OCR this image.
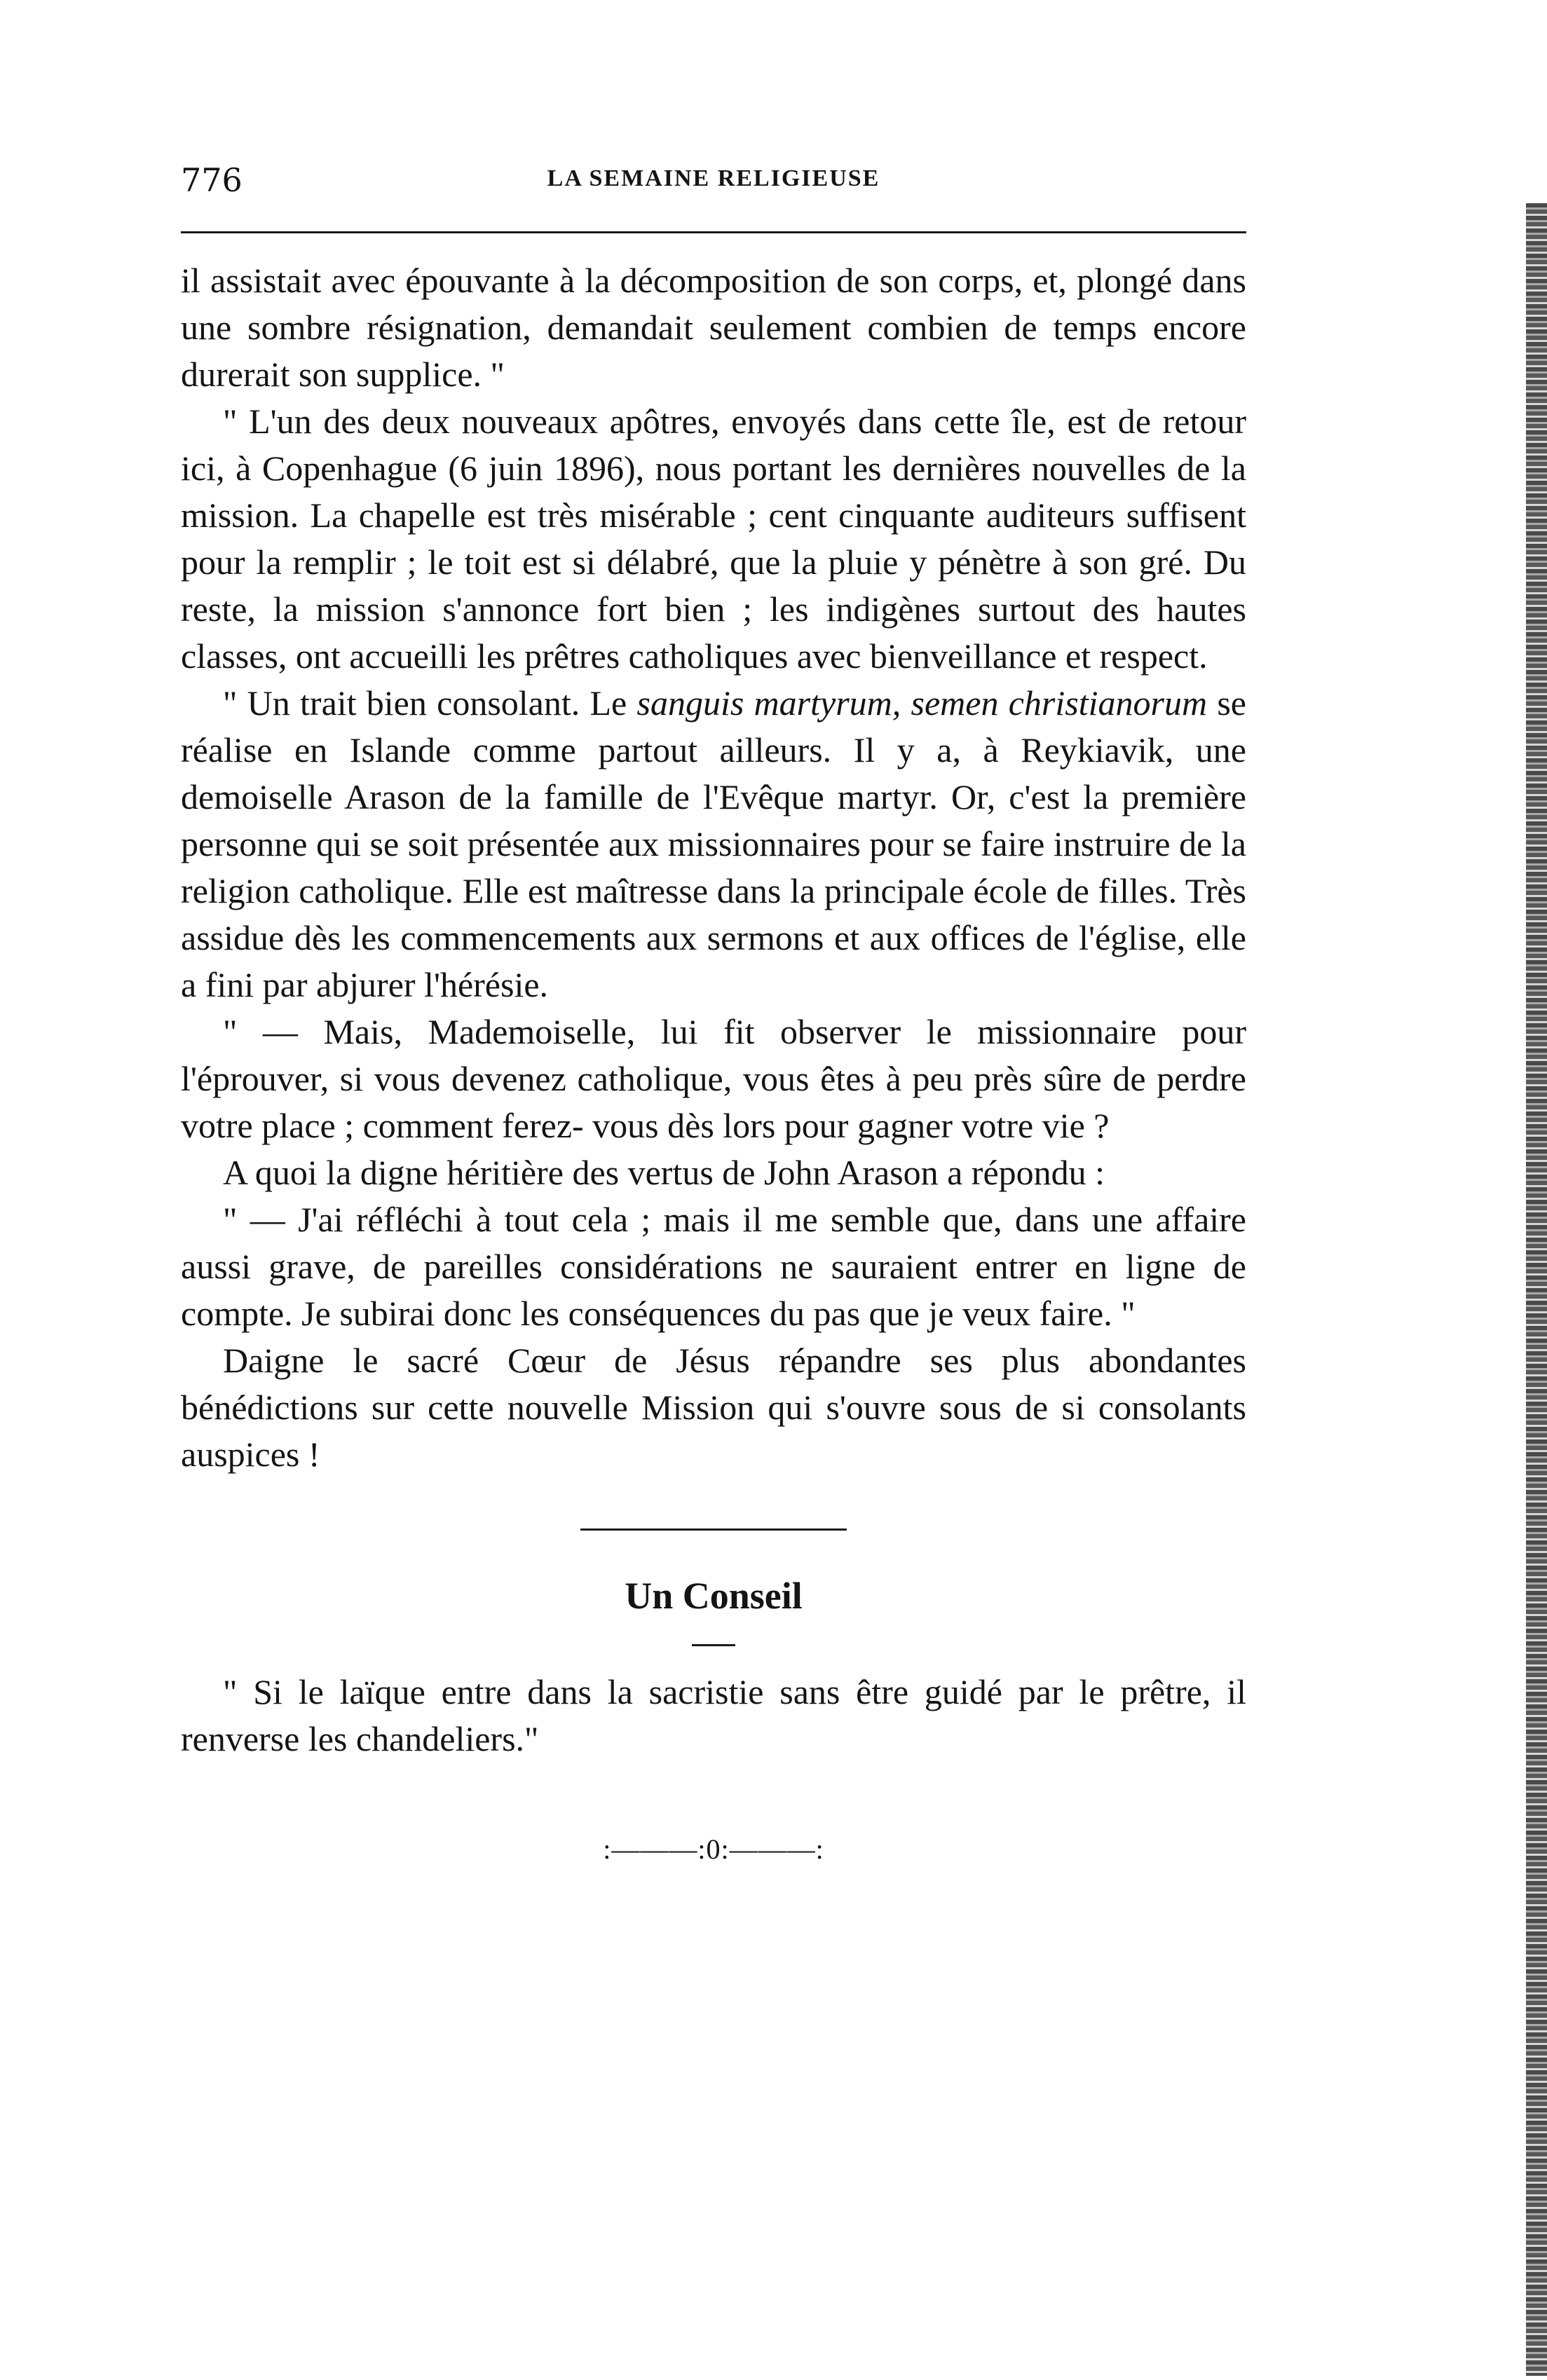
776	LA SEMAINE RELIGIEUSE

il assistait avec épouvante à la décomposition de son corps, et, plongé dans une sombre résignation, demandait seulement combien de temps encore durerait son supplice. "

" L'un des deux nouveaux apôtres, envoyés dans cette île, est de retour ici, à Copenhague (6 juin 1896), nous portant les dernières nouvelles de la mission. La chapelle est très misérable ; cent cinquante auditeurs suffisent pour la remplir ; le toit est si délabré, que la pluie y pénètre à son gré. Du reste, la mission s'annonce fort bien ; les indigènes surtout des hautes classes, ont accueilli les prêtres catholiques avec bienveillance et respect.

" Un trait bien consolant. Le sanguis martyrum, semen christianorum se réalise en Islande comme partout ailleurs. Il y a, à Reykiavik, une demoiselle Arason de la famille de l'Evêque martyr. Or, c'est la première personne qui se soit présentée aux missionnaires pour se faire instruire de la religion catholique. Elle est maîtresse dans la principale école de filles. Très assidue dès les commencements aux sermons et aux offices de l'église, elle a fini par abjurer l'hérésie.

" — Mais, Mademoiselle, lui fit observer le missionnaire pour l'éprouver, si vous devenez catholique, vous êtes à peu près sûre de perdre votre place ; comment ferez- vous dès lors pour gagner votre vie ?

A quoi la digne héritière des vertus de John Arason a répondu :

" — J'ai réfléchi à tout cela ; mais il me semble que, dans une affaire aussi grave, de pareilles considérations ne sauraient entrer en ligne de compte. Je subirai donc les conséquences du pas que je veux faire. "

Daigne le sacré Cœur de Jésus répandre ses plus abondantes bénédictions sur cette nouvelle Mission qui s'ouvre sous de si consolants auspices !

Un Conseil

" Si le laïque entre dans la sacristie sans être guidé par le prêtre, il renverse les chandeliers."

:———:0:———:
